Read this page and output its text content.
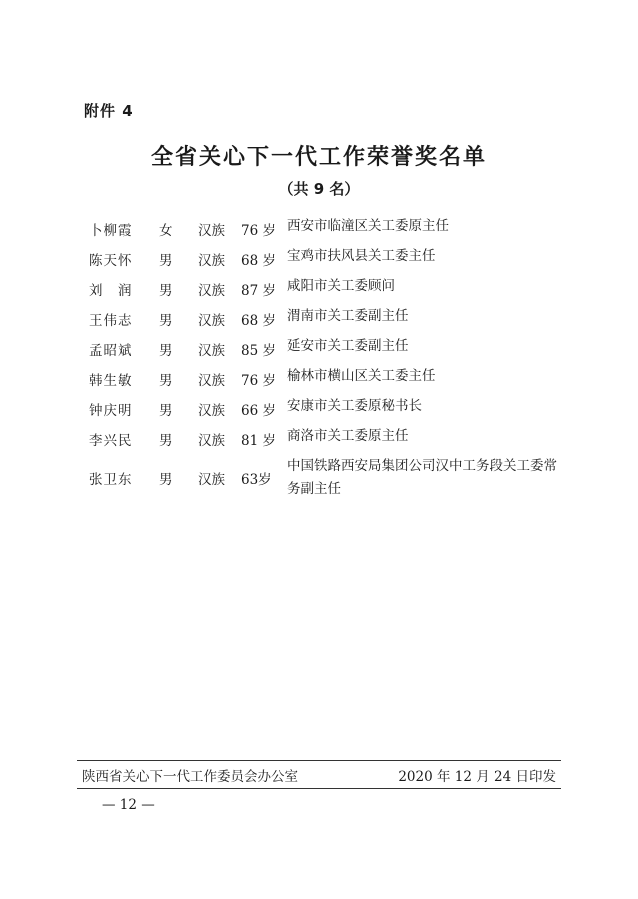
附件 4
全省关心下一代工作荣誉奖名单
（共 9 名）
卜柳霞 女 汉族 76 岁 西安市临潼区关工委原主任
陈天怀 男 汉族 68 岁 宝鸡市扶风县关工委主任
刘　润 男 汉族 87 岁 咸阳市关工委顾问
王伟志 男 汉族 68 岁 渭南市关工委副主任
孟昭斌 男 汉族 85 岁 延安市关工委副主任
韩生敏 男 汉族 76 岁 榆林市横山区关工委主任
钟庆明 男 汉族 66 岁 安康市关工委原秘书长
李兴民 男 汉族 81 岁 商洛市关工委原主任
张卫东 男 汉族 63岁
中国铁路西安局集团公司汉中工务段关工委常务副主任
陕西省关心下一代工作委员会办公室	2020 年 12 月 24 日印发
— 12 —
